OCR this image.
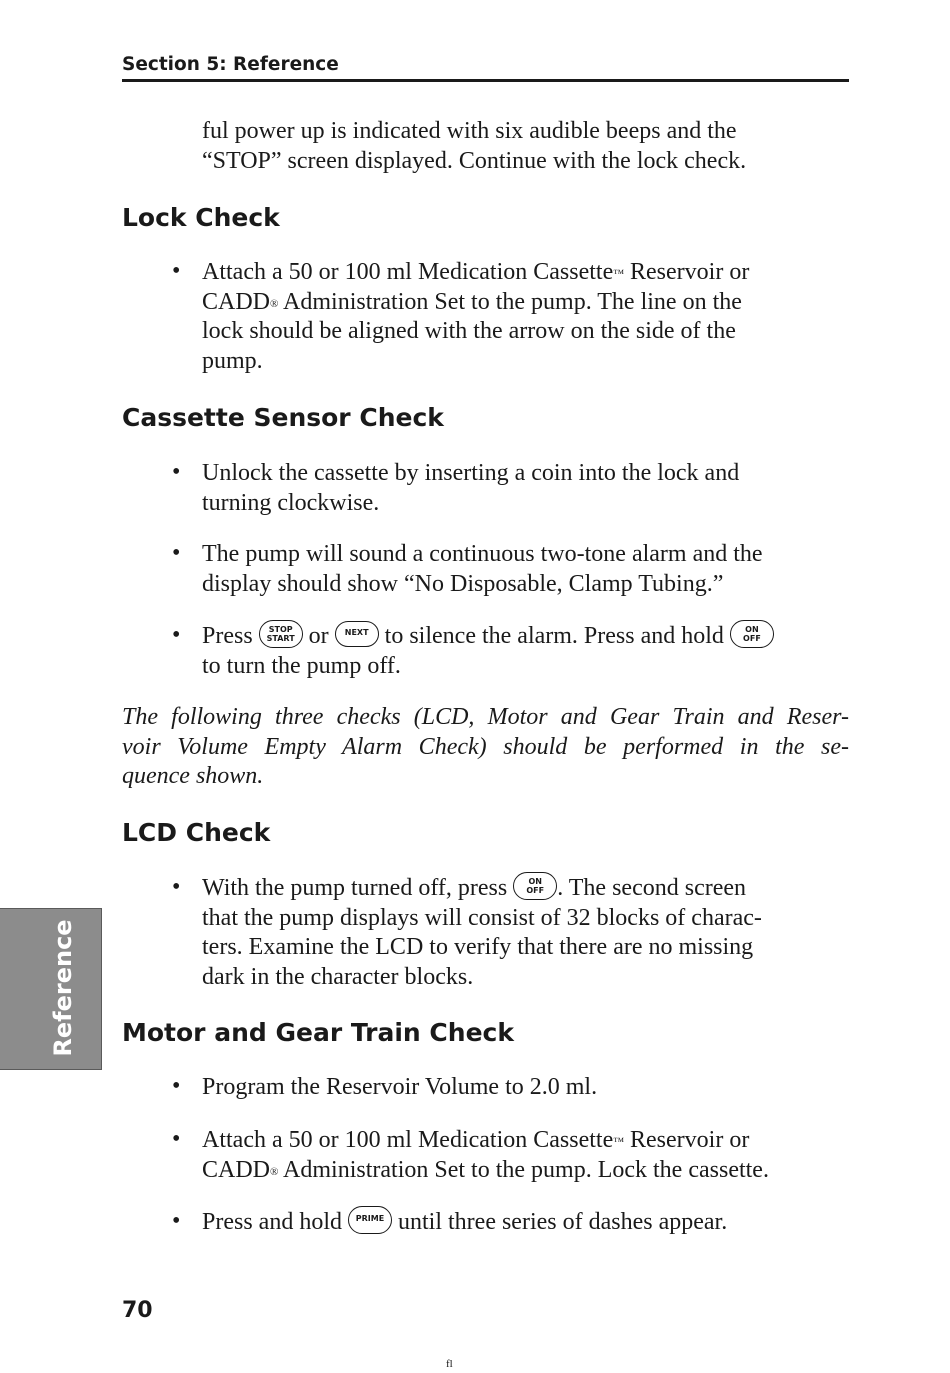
Section 5: Reference
ful power up is indicated with six audible beeps and the
“STOP” screen displayed. Continue with the lock check.
Lock Check
• Attach a 50 or 100 ml Medication Cassette™ Reservoir or
CADD® Administration Set to the pump. The line on the
lock should be aligned with the arrow on the side of the
pump.
Cassette Sensor Check
• Unlock the cassette by inserting a coin into the lock and
turning clockwise.
• The pump will sound a continuous two-tone alarm and the
display should show “No Disposable, Clamp Tubing.”
• Press STOP
START or NEXT to silence the alarm. Press and hold	ON
OFF
to turn the pump off.
The following three checks (LCD, Motor and Gear Train and Reser-
voir Volume Empty Alarm Check) should be performed in the se-
quence shown.
LCD Check
• With the pump turned off, press	ON
OFF . The second screen
that the pump displays will consist of 32 blocks of charac-
ters. Examine the LCD to verify that there are no missing
dark in the character blocks.
Motor and Gear Train Check
• Program the Reservoir Volume to 2.0 ml.
• Attach a 50 or 100 ml Medication Cassette™ Reservoir or
CADD® Administration Set to the pump. Lock the cassette.
• Press and hold PRIME until three series of dashes appear.
Reference
70
fl
